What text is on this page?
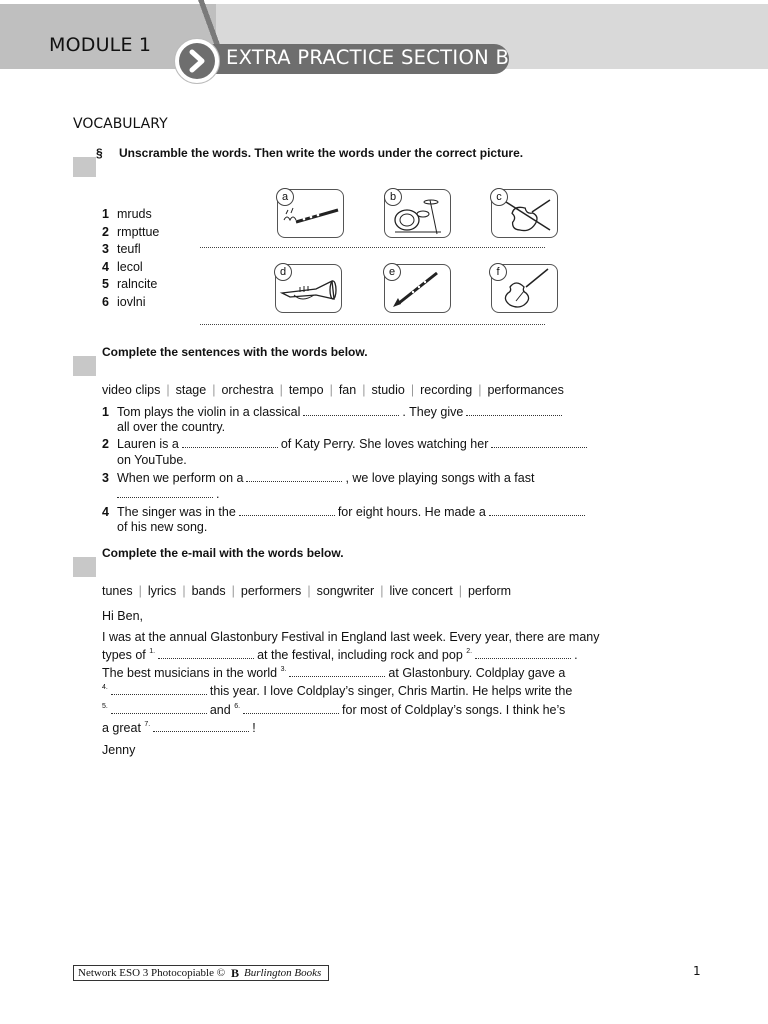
MODULE 1
EXTRA PRACTICE SECTION B
VOCABULARY
§ Unscramble the words. Then write the words under the correct picture.
1 mruds
2 rmpttue
3 teufl
4 lecol
5 ralncite
6 iovlni
a	b	c
d	e	f
Complete the sentences with the words below.
video clips | stage | orchestra | tempo | fan | studio | recording | performances
1 Tom plays the violin in a classical	. They give
all over the country.
2 Lauren is a	of Katy Perry. She loves watching her
on YouTube.
3 When we perform on a	, we love playing songs with a fast
.
4 The singer was in the	for eight hours. He made a
of his new song.
Complete the e-mail with the words below.
tunes | lyrics | bands | performers | songwriter | live concert | perform
Hi Ben,
I was at the annual Glastonbury Festival in England last week. Every year, there are many
types of $^{1.}$	at the festival, including rock and pop $^{2.}$	.
The best musicians in the world $^{3.}$	at Glastonbury. Coldplay gave a
$^{4.}$	this year. I love Coldplay’s singer, Chris Martin. He helps write the
$^{5.}$	and $^{6.}$	for most of Coldplay’s songs. I think he’s
a great $^{7.}$	!
Jenny
Network ESO 3 Photocopiable © B Burlington Books	1
